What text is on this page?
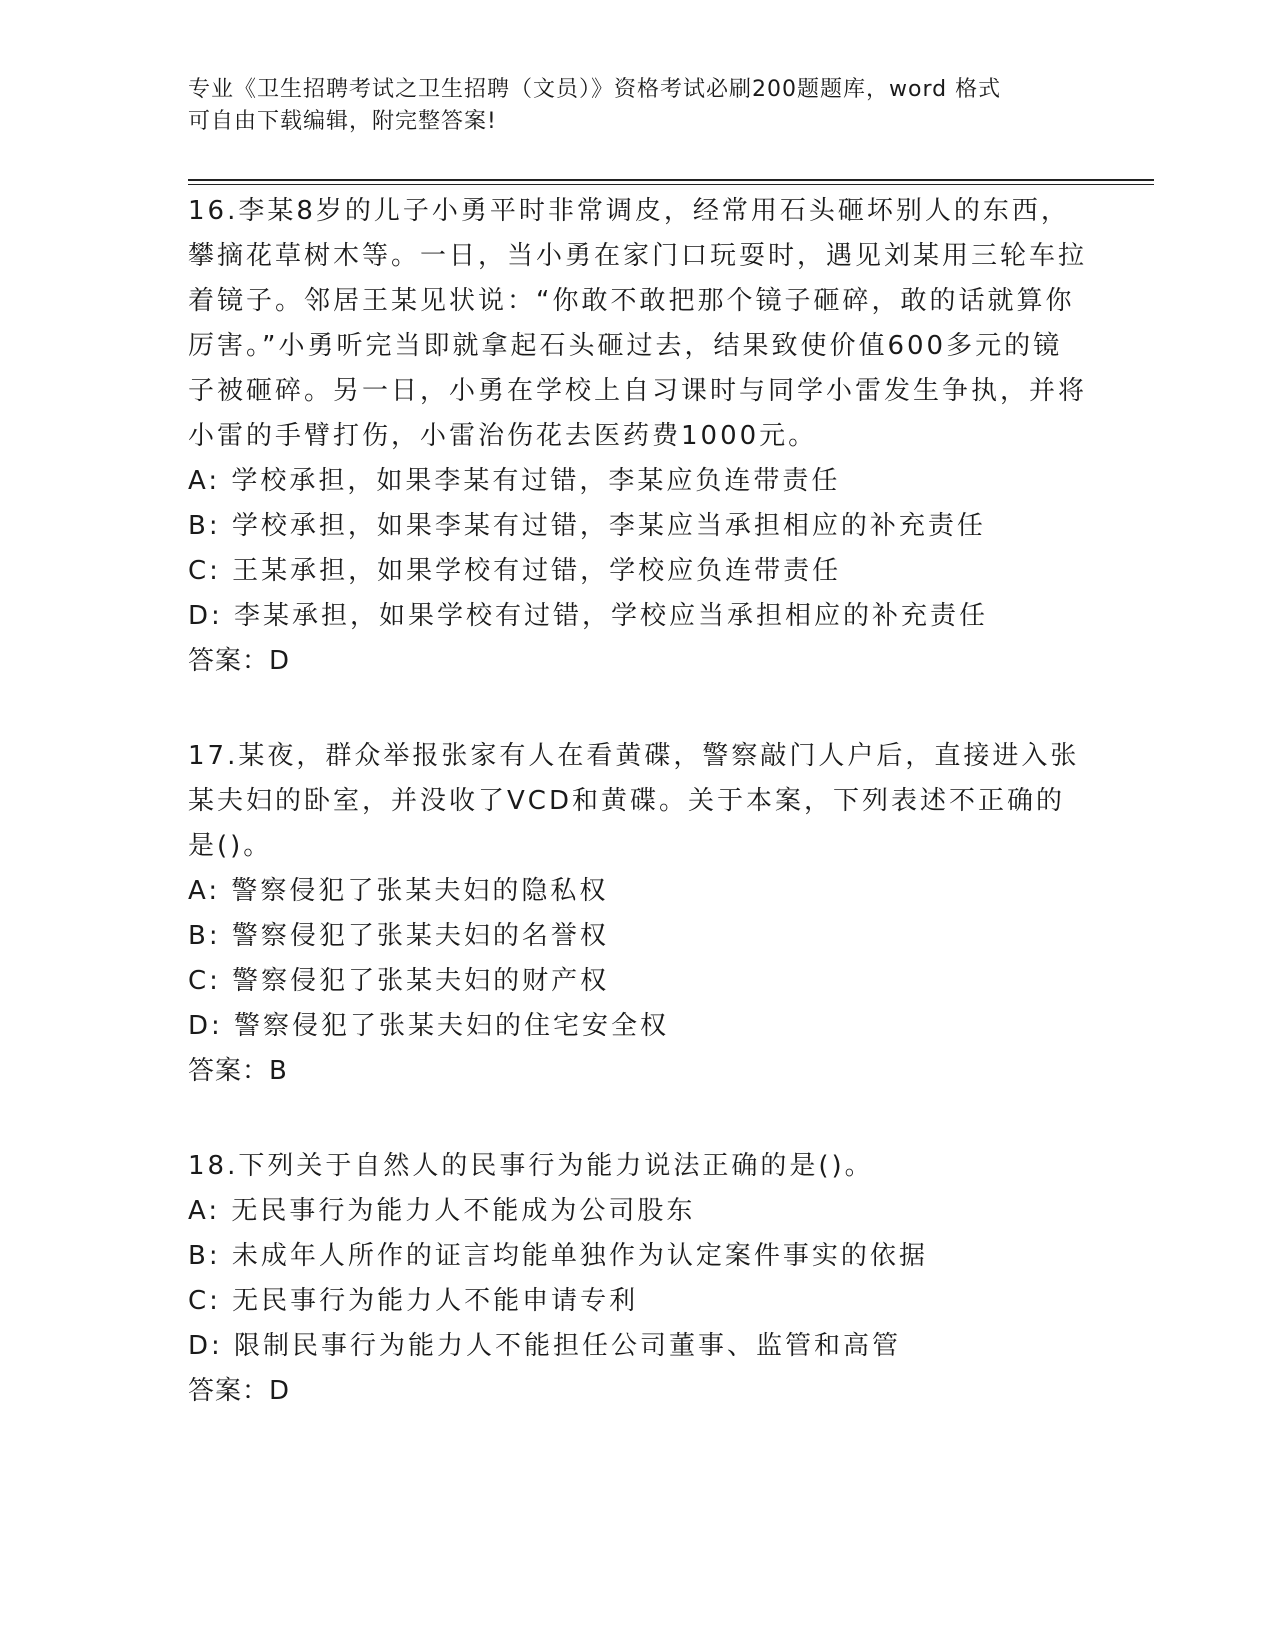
专业《卫生招聘考试之卫生招聘（文员）》资格考试必刷200题题库，word 格式
可自由下载编辑，附完整答案!

16.李某8岁的儿子小勇平时非常调皮，经常用石头砸坏别人的东西，攀摘花草树木等。一日，当小勇在家门口玩耍时，遇见刘某用三轮车拉着镜子。邻居王某见状说：“你敢不敢把那个镜子砸碎，敢的话就算你厉害。”小勇听完当即就拿起石头砸过去，结果致使价值600多元的镜子被砸碎。另一日，小勇在学校上自习课时与同学小雷发生争执，并将小雷的手臂打伤，小雷治伤花去医药费1000元。

A: 学校承担，如果李某有过错，李某应负连带责任
B: 学校承担，如果李某有过错，李某应当承担相应的补充责任
C: 王某承担，如果学校有过错，学校应负连带责任
D: 李某承担，如果学校有过错，学校应当承担相应的补充责任
答案：D

17.某夜，群众举报张家有人在看黄碟，警察敲门人户后，直接进入张某夫妇的卧室，并没收了VCD和黄碟。关于本案，下列表述不正确的是()。

A: 警察侵犯了张某夫妇的隐私权
B: 警察侵犯了张某夫妇的名誉权
C: 警察侵犯了张某夫妇的财产权
D: 警察侵犯了张某夫妇的住宅安全权
答案：B

18.下列关于自然人的民事行为能力说法正确的是()。

A: 无民事行为能力人不能成为公司股东
B: 未成年人所作的证言均能单独作为认定案件事实的依据
C: 无民事行为能力人不能申请专利
D: 限制民事行为能力人不能担任公司董事、监管和高管
答案：D
